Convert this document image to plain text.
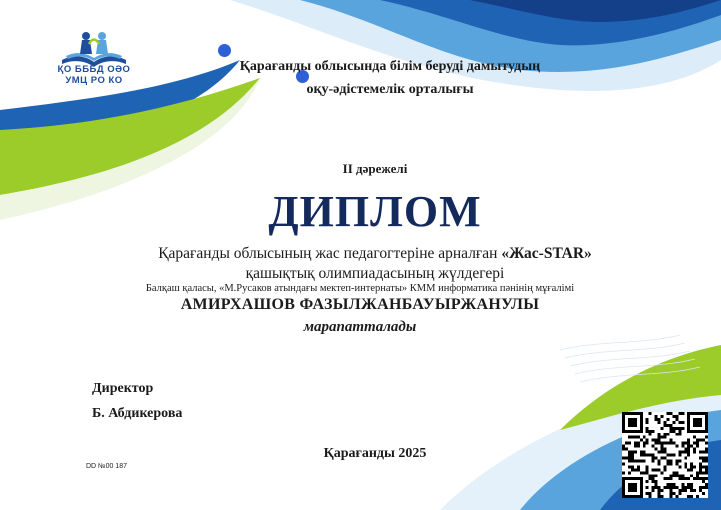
ҚО БББД ОӘО
УМЦ РО КО
Қарағанды облысында білім беруді дамытудың
оқу-әдістемелік орталығы
II дәрежелі
ДИПЛОМ
Қарағанды облысының жас педагогтеріне арналған «Жас-STAR»
қашықтық олимпиадасының жүлдегері
Балқаш қаласы, «М.Русаков атындағы мектеп-интернаты» КММ информатика пәнінің мұғалімі
АМИРХАШОВ ФАЗЫЛЖАНБАУЫРЖАНУЛЫ
марапатталады
Директор
Б. Абдикерова
Қарағанды 2025
DD №00 187
